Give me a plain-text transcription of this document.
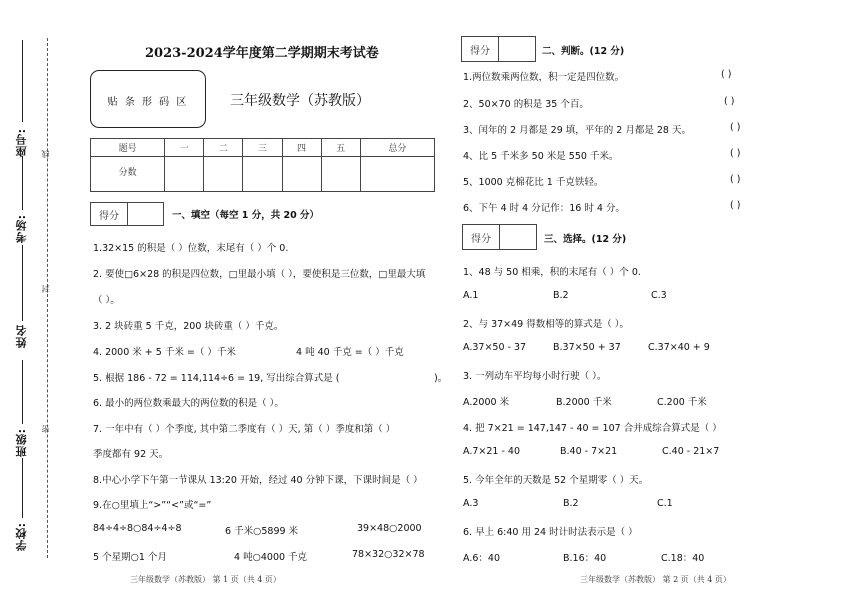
座号:
考场:
姓名
班级:
学校:
线
封
密
2023-2024学年度第二学期期末考试卷
贴 条 形 码 区	三年级数学（苏教版）
题号	一	二	三	四	五	总分
分数						
得分	一、填空（每空 1 分，共 20 分）
1.32×15 的积是（ ）位数，末尾有（ ）个 0.
2. 要使□6×28 的积是四位数，□里最小填（ ），要使积是三位数，□里最大填
（ ）。
3. 2 块砖重 5 千克，200 块砖重（ ）千克。
4. 2000 米 + 5 千米 =（ ）千米	4 吨 40 千克 =（ ）千克
5. 根据 186 - 72 = 114,114÷6 = 19, 写出综合算式是 (	)。
6. 最小的两位数乘最大的两位数的积是（ ）。
7. 一年中有（ ）个季度, 其中第二季度有（ ）天, 第（ ）季度和第（ ）
季度都有 92 天。
8.中心小学下午第一节课从 13:20 开始，经过 40 分钟下课，下课时间是（ ）
9.在○里填上“>”“<”或“=”
84÷4÷8○84÷4÷8	6 千米○5899 米	39×48○2000
5 个星期○1 个月	4 吨○4000 千克	78×32○32×78
三年级数学（苏教版） 第 1 页（共 4 页）
得分	二、判断。(12 分)
1.两位数乘两位数，积一定是四位数。	( )
2、50×70 的积是 35 个百。	( )
3、闰年的 2 月都是 29 填，平年的 2 月都是 28 天。	( )
4、比 5 千米多 50 米是 550 千米。	( )
5、1000 克棉花比 1 千克铁轻。	( )
6、下午 4 时 4 分记作：16 时 4 分。	( )
得分	三、选择。(12 分)
1、48 与 50 相乘，积的末尾有（ ）个 0.
A.1	B.2	C.3
2、与 37×49 得数相等的算式是（ ）。
A.37×50 - 37	B.37×50 + 37	C.37×40 + 9
3. 一列动车平均每小时行驶（ ）。
A.2000 米	B.2000 千米	C.200 千米
4. 把 7×21 = 147,147 - 40 = 107 合并成综合算式是（ ）
A.7×21 - 40	B.40 - 7×21	C.40 - 21×7
5. 今年全年的天数是 52 个星期零（ ）天。
A.3	B.2	C.1
6. 早上 6:40 用 24 时计时法表示是（ ）
A.6：40	B.16：40	C.18：40
三年级数学（苏教版） 第 2 页（共 4 页）
